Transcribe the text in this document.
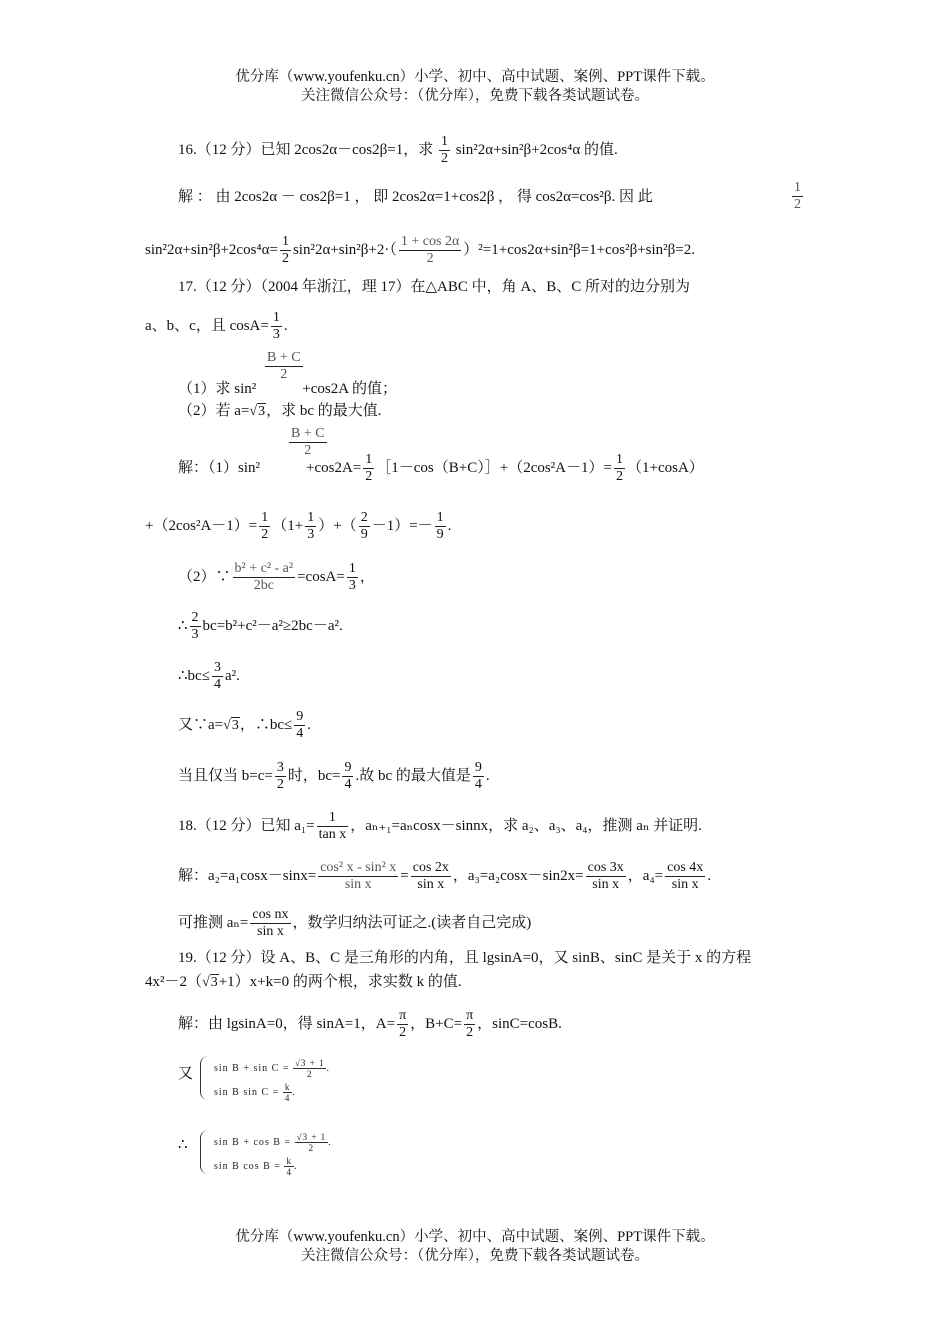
优分库（www.youfenku.cn）小学、初中、高中试题、案例、PPT课件下载。
关注微信公众号：（优分库），免费下载各类试题试卷。
16.（12 分）已知 2cos2α－cos2β=1，求 $\frac{1}{2} \sin^22\alpha+\sin^2\beta+2\cos^4\alpha$ 的值.
解 ： 由 2cos2α － cos2β=1 ， 即 2cos2α=1+cos2β ， 得 cos2α=cos²β. 因 此	$\frac{1}{2}$
$\sin^22\alpha+\sin^2\beta+2\cos^4\alpha= \frac{1}{2} \sin^22\alpha+\sin^2\beta+2\cdot( \frac{1 + \cos 2\alpha}{2} )^2=1+\cos 2\alpha+\sin^2\beta=1+\cos^2\beta+\sin^2\beta=2$.
17.（12 分）（2004 年浙江，理 17）在△ABC 中，角 A、B、C 所对的边分别为
a、b、c，且 $\cos A= \frac{1}{3}$ .
$\frac{B + C}{2}$
（1）求 sin²	+cos2A 的值；
（2）若 a=√3，求 bc 的最大值.
$\frac{B + C}{2}$
解：（1）sin²	$+\cos 2A= \frac{1}{2}$ ［1－cos（B+C）］+（2cos²A－1）= $\frac{1}{2} (1+\cos A)$
$+(2\cos^2A-1)= \frac{1}{2} (1+ \frac{1}{3}$ ）+（ $\frac{2}{9} -1)=- \frac{1}{9}$ .
（2）∵ $\frac{\text{b² + c² - a²}}{2bc} =\cos A= \frac{1}{3}$ ，
∴ $\frac{2}{3} bc=b^2+c^2-a^2\ge 2bc-a^2$.
∴bc≤ $\frac{3}{4} a^2$.
又∵a=√3，∴bc≤ $\frac{9}{4}$ .
当且仅当 $b=c= \frac{3}{2}$ 时，$bc= \frac{9}{4}$ .故 bc 的最大值是 $\frac{9}{4}$ .
18.（12 分）已知 $a_1= \frac{1}{\text{tan x}}$ ，aₙ₊₁=aₙcosx－sinnx，求 a₂、a₃、a₄，推测 aₙ 并证明.
解：$a_2=a_1\cos x-\sin x= \frac{\text{cos² x - sin² x}}{\text{sin x}} = \frac{\cos 2x}{\text{sin x}}$ ，$a_3=a_2\cos x-\sin 2x= \frac{\cos 3x}{\text{sin x}}$ ，$a_4= \frac{\cos 4x}{\text{sin x}}$ .
可推测 $a_n= \frac{\text{cos nx}}{\text{sin x}}$ ，数学归纳法可证之.(读者自己完成)
19.（12 分）设 A、B、C 是三角形的内角，且 lgsinA=0，又 sinB、sinC 是关于 x 的方程
4x²－2（√3+1）x+k=0 的两个根，求实数 k 的值.
解：由 lgsinA=0，得 sinA=1，$A= \frac{\pi}{2}$ ，$B+C= \frac{\pi}{2}$ ，sinC=cosB.
又 $\sin B + \sin C = \frac{√3 + 1}{2}$ .
sin B $\sin C = \frac{k}{4}$ .
∴	$\sin B + \cos B = \frac{√3 + 1}{2}$ .
sin B $\cos B = \frac{k}{4}$ .
优分库（www.youfenku.cn）小学、初中、高中试题、案例、PPT课件下载。
关注微信公众号：（优分库），免费下载各类试题试卷。
